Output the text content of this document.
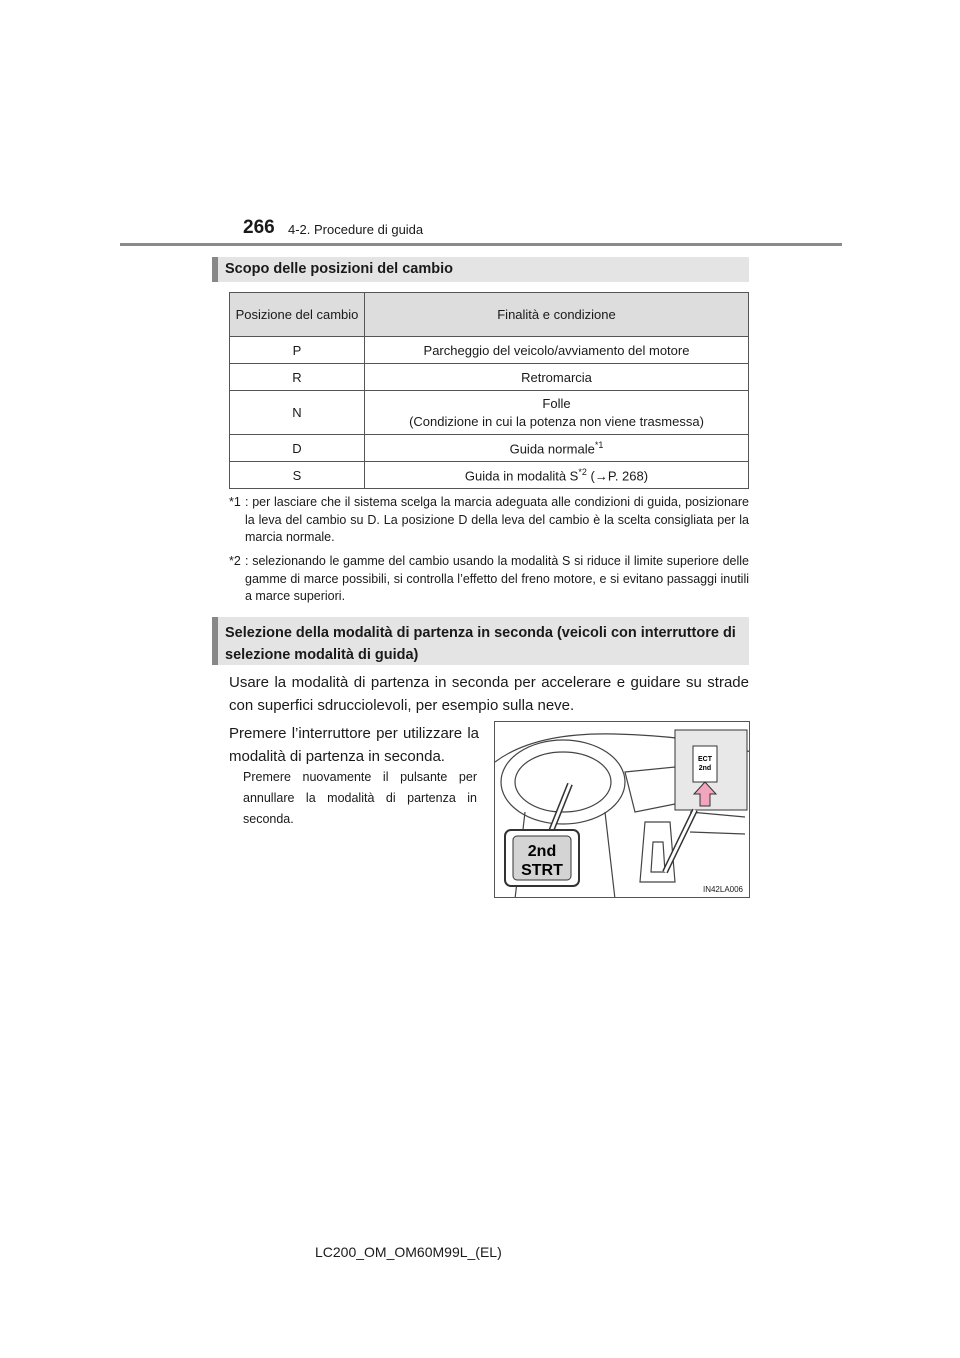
266 4-2. Procedure di guida
Scopo delle posizioni del cambio
Posizione del cambio	Finalità e condizione
P	Parcheggio del veicolo/avviamento del motore
R	Retromarcia
N	Folle
(Condizione in cui la potenza non viene trasmessa)
D	Guida normale$^{*1}$
S	Guida in modalità $S^{*2}$ (→P. 268)
*1 : per lasciare che il sistema scelga la marcia adeguata alle condizioni di guida, posizionare la leva del cambio su D. La posizione D della leva del cambio è la scelta consigliata per la marcia normale.
*2 : selezionando le gamme del cambio usando la modalità S si riduce il limite superiore delle gamme di marce possibili, si controlla l’effetto del freno motore, e si evitano passaggi inutili a marce superiori.
Selezione della modalità di partenza in seconda (veicoli con interruttore di selezione modalità di guida)
Usare la modalità di partenza in seconda per accelerare e guidare su strade con superfici sdrucciolevoli, per esempio sulla neve.
Premere l’interruttore per utilizzare la modalità di partenza in seconda.
Premere nuovamente il pulsante per annullare la modalità di partenza in seconda.
ECT
2nd
2nd
STRT
IN42LA006
LC200_OM_OM60M99L_(EL)
